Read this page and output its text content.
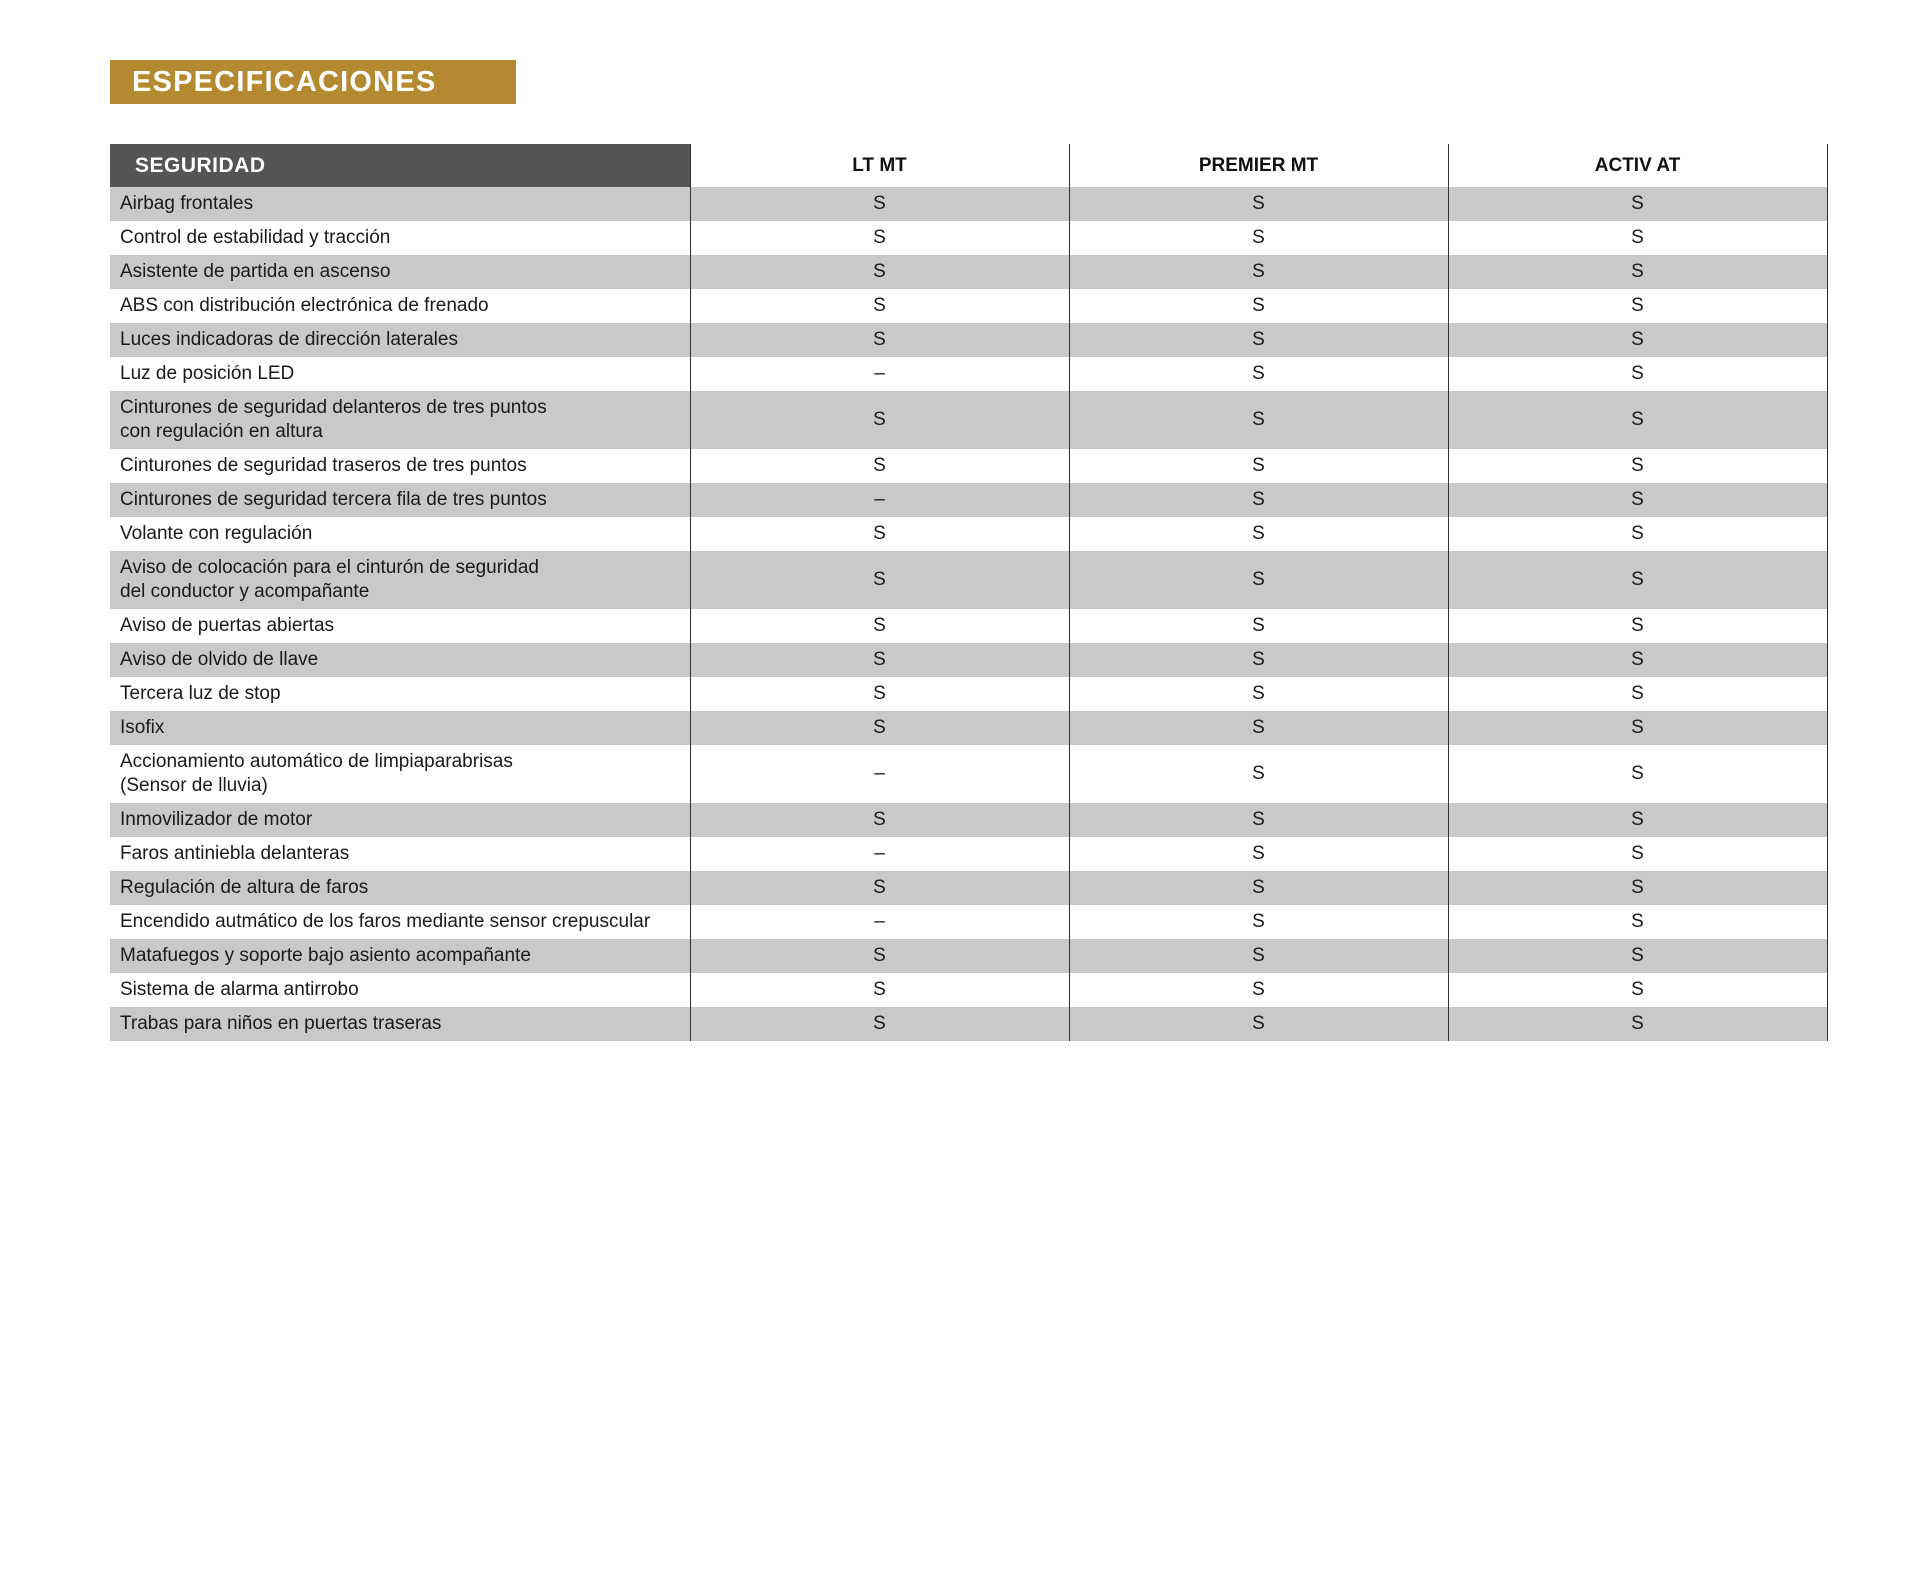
ESPECIFICACIONES
SEGURIDAD	LT MT	PREMIER MT	ACTIV AT
Airbag frontales	S	S	S
Control de estabilidad y tracción	S	S	S
Asistente de partida en ascenso	S	S	S
ABS con distribución electrónica de frenado	S	S	S
Luces indicadoras de dirección laterales	S	S	S
Luz de posición LED	–	S	S
Cinturones de seguridad delanteros de tres puntos
con regulación en altura	S	S	S
Cinturones de seguridad traseros de tres puntos	S	S	S
Cinturones de seguridad tercera fila de tres puntos	–	S	S
Volante con regulación	S	S	S
Aviso de colocación para el cinturón de seguridad
del conductor y acompañante	S	S	S
Aviso de puertas abiertas	S	S	S
Aviso de olvido de llave	S	S	S
Tercera luz de stop	S	S	S
Isofix	S	S	S
Accionamiento automático de limpiaparabrisas
(Sensor de lluvia)	–	S	S
Inmovilizador de motor	S	S	S
Faros antiniebla delanteras	–	S	S
Regulación de altura de faros	S	S	S
Encendido autmático de los faros mediante sensor crepuscular	–	S	S
Matafuegos y soporte bajo asiento acompañante	S	S	S
Sistema de alarma antirrobo	S	S	S
Trabas para niños en puertas traseras	S	S	S
